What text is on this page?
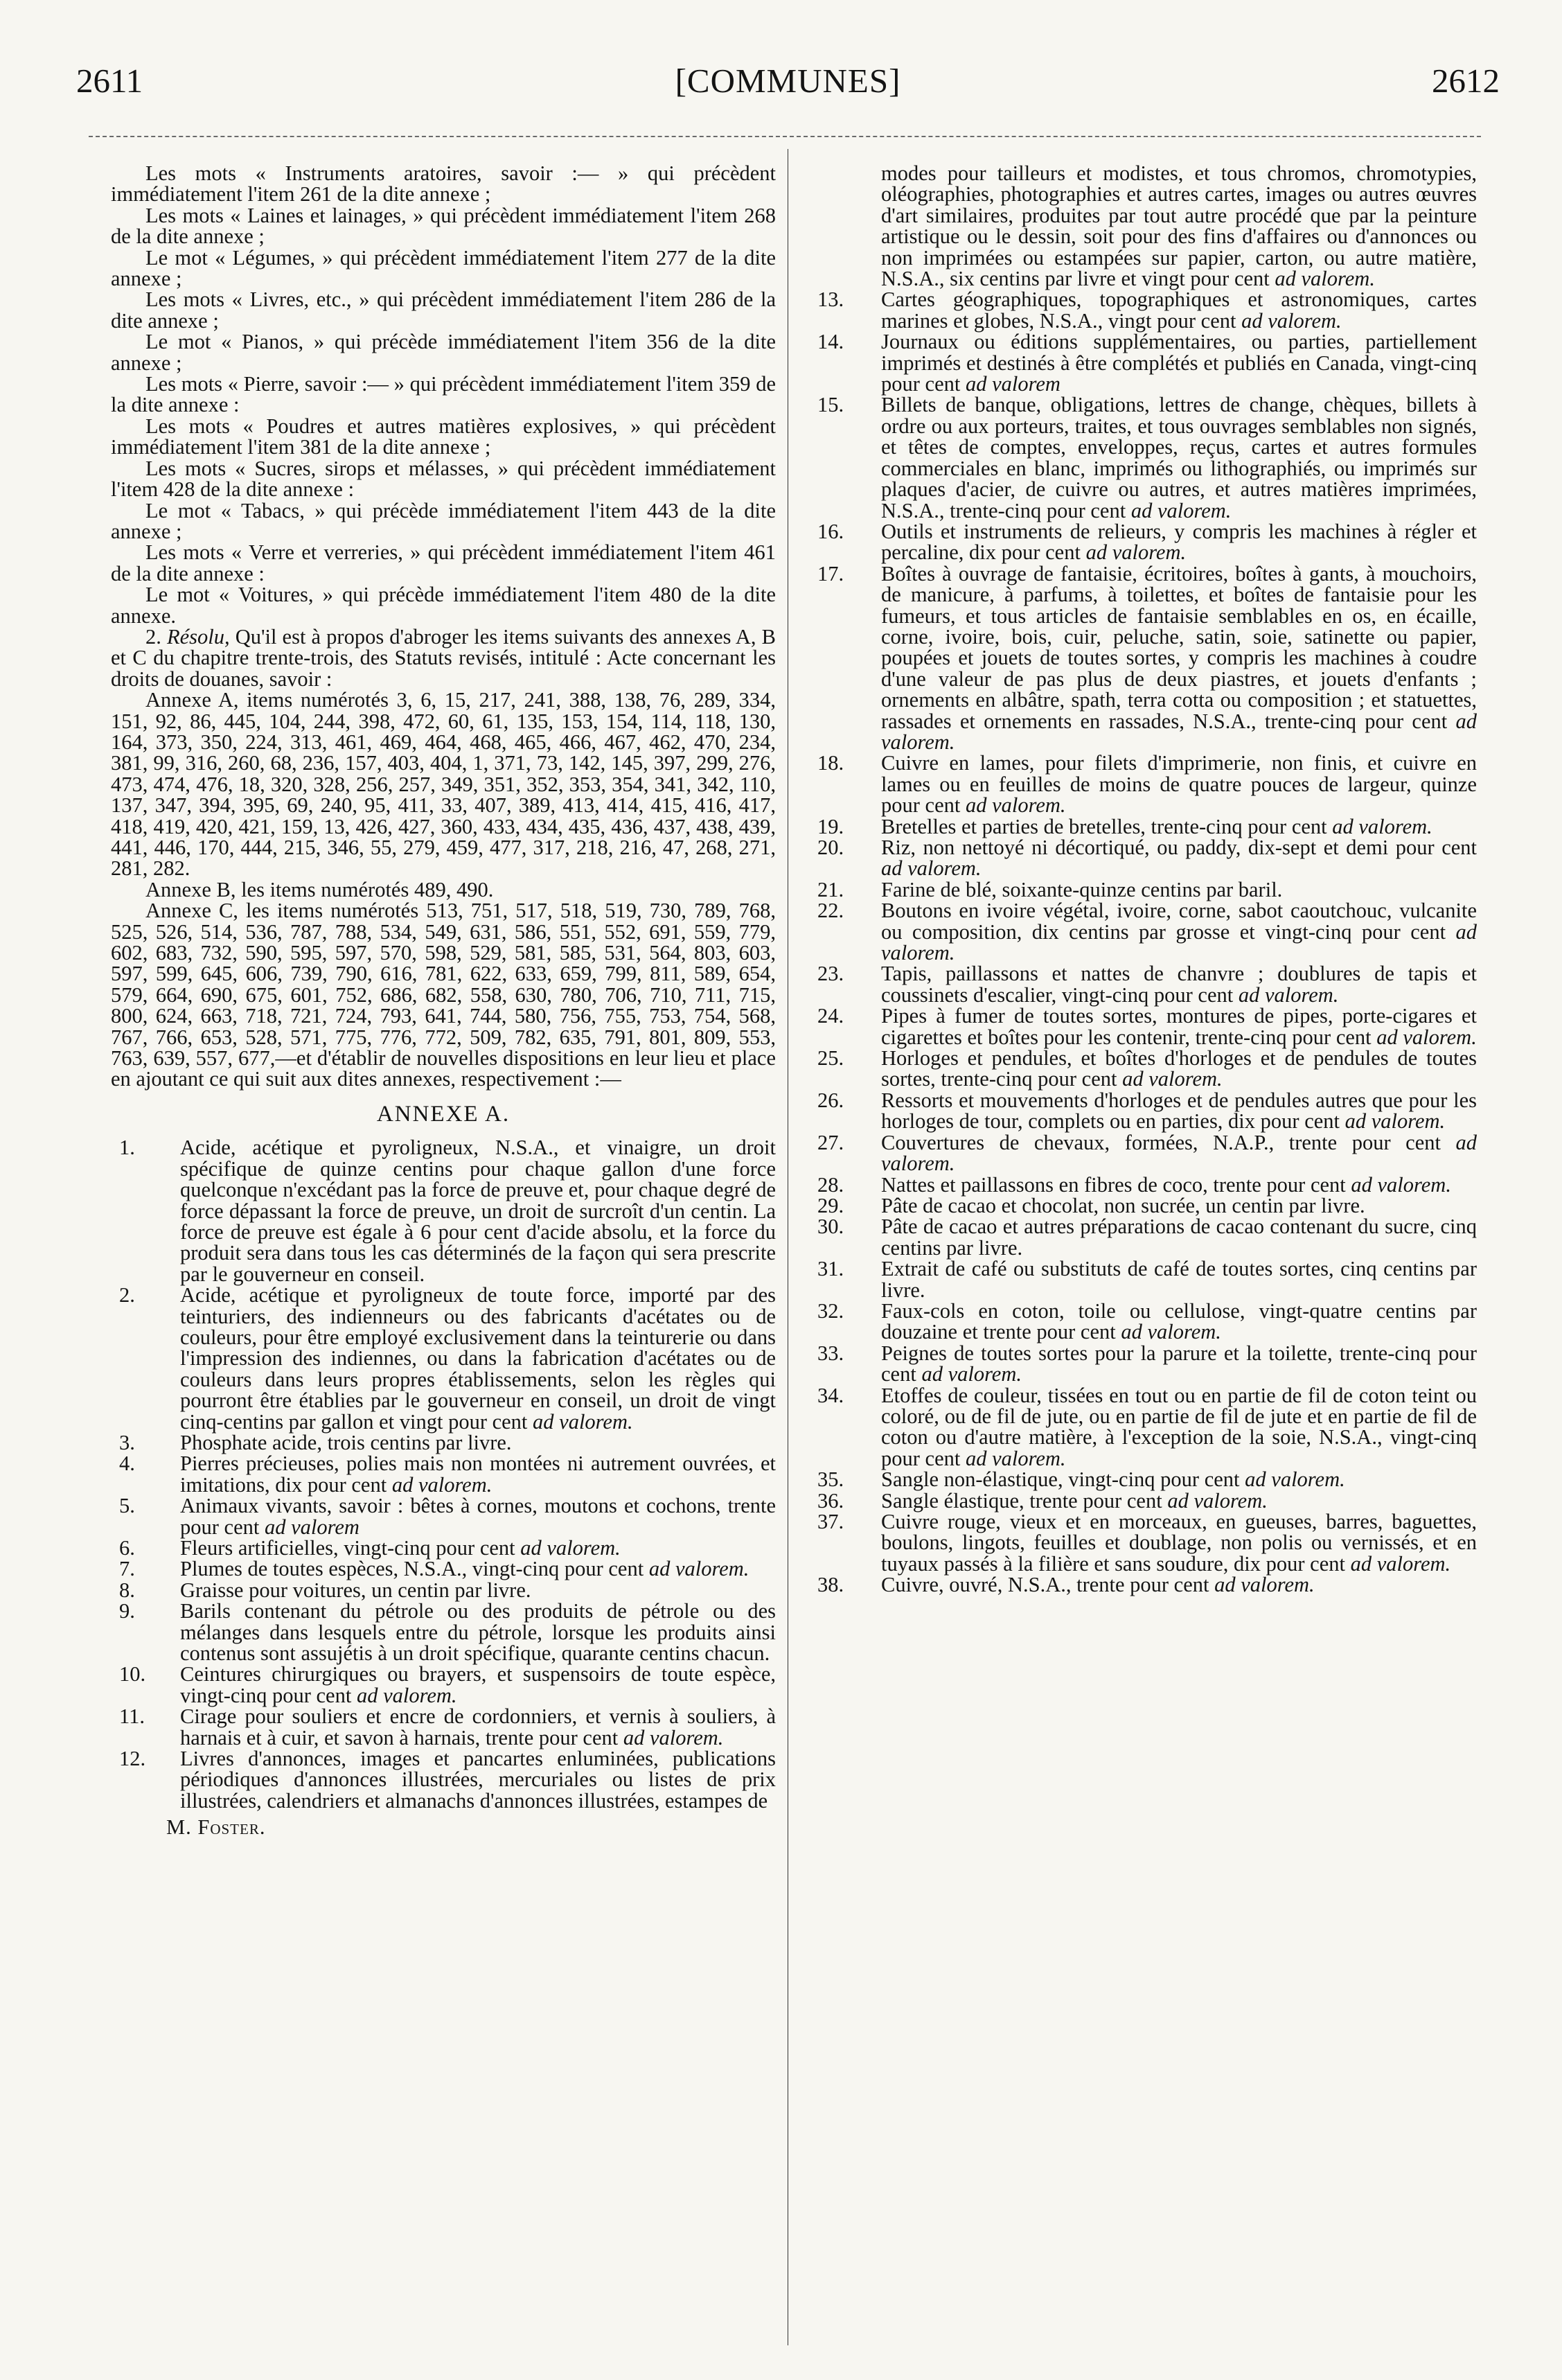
2611	[COMMUNES]	2612

Les mots « Instruments aratoires, savoir :— » qui précèdent immédiatement l'item 261 de la dite annexe ;

Les mots « Laines et lainages, » qui précèdent immédiatement l'item 268 de la dite annexe ;

Le mot « Légumes, » qui précèdent immédiatement l'item 277 de la dite annexe ;

Les mots « Livres, etc., » qui précèdent immédiatement l'item 286 de la dite annexe ;

Le mot « Pianos, » qui précède immédiatement l'item 356 de la dite annexe ;

Les mots « Pierre, savoir :— » qui précèdent immédiatement l'item 359 de la dite annexe :

Les mots « Poudres et autres matières explosives, » qui précèdent immédiatement l'item 381 de la dite annexe ;

Les mots « Sucres, sirops et mélasses, » qui précèdent immédiatement l'item 428 de la dite annexe :

Le mot « Tabacs, » qui précède immédiatement l'item 443 de la dite annexe ;

Les mots « Verre et verreries, » qui précèdent immédiatement l'item 461 de la dite annexe :

Le mot « Voitures, » qui précède immédiatement l'item 480 de la dite annexe.

2. Résolu, Qu'il est à propos d'abroger les items suivants des annexes A, B et C du chapitre trente-trois, des Statuts revisés, intitulé : Acte concernant les droits de douanes, savoir :

Annexe A, items numérotés 3, 6, 15, 217, 241, 388, 138, 76, 289, 334, 151, 92, 86, 445, 104, 244, 398, 472, 60, 61, 135, 153, 154, 114, 118, 130, 164, 373, 350, 224, 313, 461, 469, 464, 468, 465, 466, 467, 462, 470, 234, 381, 99, 316, 260, 68, 236, 157, 403, 404, 1, 371, 73, 142, 145, 397, 299, 276, 473, 474, 476, 18, 320, 328, 256, 257, 349, 351, 352, 353, 354, 341, 342, 110, 137, 347, 394, 395, 69, 240, 95, 411, 33, 407, 389, 413, 414, 415, 416, 417, 418, 419, 420, 421, 159, 13, 426, 427, 360, 433, 434, 435, 436, 437, 438, 439, 441, 446, 170, 444, 215, 346, 55, 279, 459, 477, 317, 218, 216, 47, 268, 271, 281, 282.

Annexe B, les items numérotés 489, 490.

Annexe C, les items numérotés 513, 751, 517, 518, 519, 730, 789, 768, 525, 526, 514, 536, 787, 788, 534, 549, 631, 586, 551, 552, 691, 559, 779, 602, 683, 732, 590, 595, 597, 570, 598, 529, 581, 585, 531, 564, 803, 603, 597, 599, 645, 606, 739, 790, 616, 781, 622, 633, 659, 799, 811, 589, 654, 579, 664, 690, 675, 601, 752, 686, 682, 558, 630, 780, 706, 710, 711, 715, 800, 624, 663, 718, 721, 724, 793, 641, 744, 580, 756, 755, 753, 754, 568, 767, 766, 653, 528, 571, 775, 776, 772, 509, 782, 635, 791, 801, 809, 553, 763, 639, 557, 677,—et d'établir de nouvelles dispositions en leur lieu et place en ajoutant ce qui suit aux dites annexes, respectivement :—

ANNEXE A.

1.	Acide, acétique et pyroligneux, N.S.A., et vinaigre, un droit spécifique de quinze centins pour chaque gallon d'une force quelconque n'excédant pas la force de preuve et, pour chaque degré de force dépassant la force de preuve, un droit de surcroît d'un centin. La force de preuve est égale à 6 pour cent d'acide absolu, et la force du produit sera dans tous les cas déterminés de la façon qui sera prescrite par le gouverneur en conseil.

2.	Acide, acétique et pyroligneux de toute force, importé par des teinturiers, des indienneurs ou des fabricants d'acétates ou de couleurs, pour être employé exclusivement dans la teinturerie ou dans l'impression des indiennes, ou dans la fabrication d'acétates ou de couleurs dans leurs propres établissements, selon les règles qui pourront être établies par le gouverneur en conseil, un droit de vingt cinq-centins par gallon et vingt pour cent ad valorem.

3.	Phosphate acide, trois centins par livre.

4.	Pierres précieuses, polies mais non montées ni autrement ouvrées, et imitations, dix pour cent ad valorem.

5.	Animaux vivants, savoir : bêtes à cornes, moutons et cochons, trente pour cent ad valorem

6.	Fleurs artificielles, vingt-cinq pour cent ad valorem.

7.	Plumes de toutes espèces, N.S.A., vingt-cinq pour cent ad valorem.

8.	Graisse pour voitures, un centin par livre.

9.	Barils contenant du pétrole ou des produits de pétrole ou des mélanges dans lesquels entre du pétrole, lorsque les produits ainsi contenus sont assujétis à un droit spécifique, quarante centins chacun.

10.	Ceintures chirurgiques ou brayers, et suspensoirs de toute espèce, vingt-cinq pour cent ad valorem.

11.	Cirage pour souliers et encre de cordonniers, et vernis à souliers, à harnais et à cuir, et savon à harnais, trente pour cent ad valorem.

12.	Livres d'annonces, images et pancartes enluminées, publications périodiques d'annonces illustrées, mercuriales ou listes de prix illustrées, calendriers et almanachs d'annonces illustrées, estampes de

M. Foster.

modes pour tailleurs et modistes, et tous chromos, chromotypies, oléographies, photographies et autres cartes, images ou autres œuvres d'art similaires, produites par tout autre procédé que par la peinture artistique ou le dessin, soit pour des fins d'affaires ou d'annonces ou non imprimées ou estampées sur papier, carton, ou autre matière, N.S.A., six centins par livre et vingt pour cent ad valorem.

13.	Cartes géographiques, topographiques et astronomiques, cartes marines et globes, N.S.A., vingt pour cent ad valorem.

14.	Journaux ou éditions supplémentaires, ou parties, partiellement imprimés et destinés à être complétés et publiés en Canada, vingt-cinq pour cent ad valorem

15.	Billets de banque, obligations, lettres de change, chèques, billets à ordre ou aux porteurs, traites, et tous ouvrages semblables non signés, et têtes de comptes, enveloppes, reçus, cartes et autres formules commerciales en blanc, imprimés ou lithographiés, ou imprimés sur plaques d'acier, de cuivre ou autres, et autres matières imprimées, N.S.A., trente-cinq pour cent ad valorem.

16.	Outils et instruments de relieurs, y compris les machines à régler et percaline, dix pour cent ad valorem.

17.	Boîtes à ouvrage de fantaisie, écritoires, boîtes à gants, à mouchoirs, de manicure, à parfums, à toilettes, et boîtes de fantaisie pour les fumeurs, et tous articles de fantaisie semblables en os, en écaille, corne, ivoire, bois, cuir, peluche, satin, soie, satinette ou papier, poupées et jouets de toutes sortes, y compris les machines à coudre d'une valeur de pas plus de deux piastres, et jouets d'enfants ; ornements en albâtre, spath, terra cotta ou composition ; et statuettes, rassades et ornements en rassades, N.S.A., trente-cinq pour cent ad valorem.

18.	Cuivre en lames, pour filets d'imprimerie, non finis, et cuivre en lames ou en feuilles de moins de quatre pouces de largeur, quinze pour cent ad valorem.

19.	Bretelles et parties de bretelles, trente-cinq pour cent ad valorem.

20.	Riz, non nettoyé ni décortiqué, ou paddy, dix-sept et demi pour cent ad valorem.

21.	Farine de blé, soixante-quinze centins par baril.

22.	Boutons en ivoire végétal, ivoire, corne, sabot caoutchouc, vulcanite ou composition, dix centins par grosse et vingt-cinq pour cent ad valorem.

23.	Tapis, paillassons et nattes de chanvre ; doublures de tapis et coussinets d'escalier, vingt-cinq pour cent ad valorem.

24.	Pipes à fumer de toutes sortes, montures de pipes, porte-cigares et cigarettes et boîtes pour les contenir, trente-cinq pour cent ad valorem.

25.	Horloges et pendules, et boîtes d'horloges et de pendules de toutes sortes, trente-cinq pour cent ad valorem.

26.	Ressorts et mouvements d'horloges et de pendules autres que pour les horloges de tour, complets ou en parties, dix pour cent ad valorem.

27.	Couvertures de chevaux, formées, N.A.P., trente pour cent ad valorem.

28.	Nattes et paillassons en fibres de coco, trente pour cent ad valorem.

29.	Pâte de cacao et chocolat, non sucrée, un centin par livre.

30.	Pâte de cacao et autres préparations de cacao contenant du sucre, cinq centins par livre.

31.	Extrait de café ou substituts de café de toutes sortes, cinq centins par livre.

32.	Faux-cols en coton, toile ou cellulose, vingt-quatre centins par douzaine et trente pour cent ad valorem.

33.	Peignes de toutes sortes pour la parure et la toilette, trente-cinq pour cent ad valorem.

34.	Etoffes de couleur, tissées en tout ou en partie de fil de coton teint ou coloré, ou de fil de jute, ou en partie de fil de jute et en partie de fil de coton ou d'autre matière, à l'exception de la soie, N.S.A., vingt-cinq pour cent ad valorem.

35.	Sangle non-élastique, vingt-cinq pour cent ad valorem.

36.	Sangle élastique, trente pour cent ad valorem.

37.	Cuivre rouge, vieux et en morceaux, en gueuses, barres, baguettes, boulons, lingots, feuilles et doublage, non polis ou vernissés, et en tuyaux passés à la filière et sans soudure, dix pour cent ad valorem.

38.	Cuivre, ouvré, N.S.A., trente pour cent ad valorem.
